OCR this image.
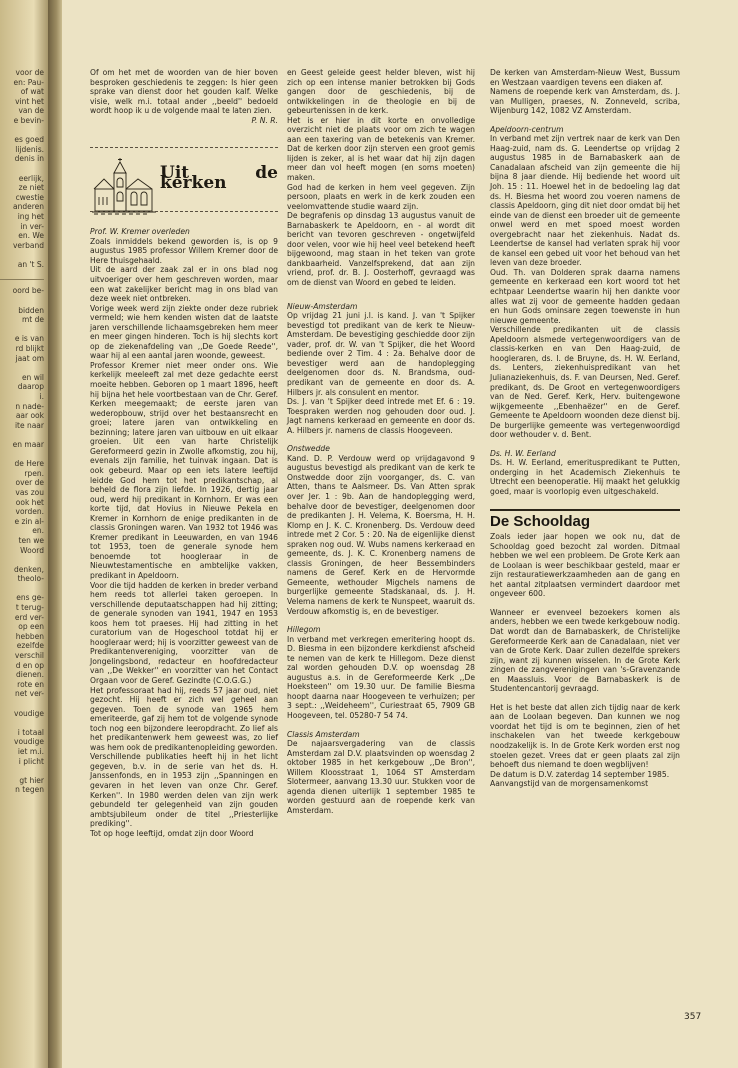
voor de
en: Pau-
of wat
vint het
van de
e bevin-

es goed
lijdenis.
denis in

eerlijk,
ze niet
cwestie
anderen
ing het
in ver-
en. We
verband

an 't S.
oord be-

bidden
mt de

e is van
rd blijkt
jaat om

en wil
daarop
i.
n nade-
aar ook
ite naar

en maar

de Here
rpen.
over de
vas zou
ook het
vorden.
e zin al-
en.
ten we
Woord

denken,
theolo-

ens ge-
t terug-
erd ver-
op een
hebben
ezelfde
verschil
d en op
dienen.
rote en
net ver-

voudige

i totaal
voudige
iet m.i.
i plicht

gt hier
n tegen

Of om het met de woorden van de hier boven besproken geschiedenis te zeggen: Is hier geen sprake van dienst door het gouden kalf. Welke visie, welk m.i. totaal ander ,,beeld'' bedoeld wordt hoop ik u de volgende maal te laten zien.

P. N. R.

Uit de kerken

Prof. W. Kremer overleden

Zoals inmiddels bekend geworden is, is op 9 augustus 1985 professor Willem Kremer door de Here thuisgehaald.

Uit de aard der zaak zal er in ons blad nog uitvoeriger over hem geschreven worden, maar een wat zakelijker bericht mag in ons blad van deze week niet ontbreken.

Vorige week werd zijn ziekte onder deze rubriek vermeld; wie hem kenden wisten dat de laatste jaren verschillende lichaamsgebreken hem meer en meer gingen hinderen. Toch is hij slechts kort op de ziekenafdeling van ,,De Goede Reede'', waar hij al een aantal jaren woonde, geweest.

Professor Kremer niet meer onder ons. Wie kerkelijk meeleeft zal met deze gedachte eerst moeite hebben. Geboren op 1 maart 1896, heeft hij bijna het hele voortbestaan van de Chr. Geref. Kerken meegemaakt; de eerste jaren van wederopbouw, strijd over het bestaansrecht en groei; latere jaren van ontwikkeling en bezinning; latere jaren van uitbouw en uit elkaar groeien. Uit een van harte Christelijk Gereformeerd gezin in Zwolle afkomstig, zou hij, evenals zijn familie, het tuinvak ingaan. Dat is ook gebeurd. Maar op een iets latere leeftijd leidde God hem tot het predikantschap, al beheld de flora zijn liefde. In 1926, dertig jaar oud, werd hij predikant in Kornhorn. Er was een korte tijd, dat Hovius in Nieuwe Pekela en Kremer in Kornhorn de enige predikanten in de classis Groningen waren. Van 1932 tot 1946 was Kremer predikant in Leeuwarden, en van 1946 tot 1953, toen de generale synode hem benoemde tot hoogleraar in de Nieuwtestamentische en ambtelijke vakken, predikant in Apeldoorn.

Voor die tijd hadden de kerken in breder verband hem reeds tot allerlei taken geroepen. In verschillende deputaatschappen had hij zitting; de generale synoden van 1941, 1947 en 1953 koos hem tot praeses. Hij had zitting in het curatorium van de Hogeschool totdat hij er hoogleraar werd; hij is voorzitter geweest van de Predikantenvereniging, voorzitter van de Jongelingsbond, redacteur en hoofdredacteur van ,,De Wekker'' en voorzitter van het Contact Orgaan voor de Geref. Gezindte (C.O.G.G.)

Het professoraat had hij, reeds 57 jaar oud, niet gezocht. Hij heeft er zich wel geheel aan gegeven. Toen de synode van 1965 hem emeriteerde, gaf zij hem tot de volgende synode toch nog een bijzondere leeropdracht. Zo lief als het predikantenwerk hem geweest was, zo lief was hem ook de predikantenopleiding geworden.

Verschillende publikaties heeft hij in het licht gegeven, b.v. in de serie van het ds. H. Janssenfonds, en in 1953 zijn ,,Spanningen en gevaren in het leven van onze Chr. Geref. Kerken''. In 1980 werden delen van zijn werk gebundeld ter gelegenheid van zijn gouden ambtsjubileum onder de titel ,,Priesterlijke prediking''.

Tot op hoge leeftijd, omdat zijn door Woord

en Geest geleide geest helder bleven, wist hij zich op een intense manier betrokken bij Gods gangen door de geschiedenis, bij de ontwikkelingen in de theologie en bij de gebeurtenissen in de kerk.

Het is er hier in dit korte en onvolledige overzicht niet de plaats voor om zich te wagen aan een taxering van de betekenis van Kremer. Dat de kerken door zijn sterven een groot gemis lijden is zeker, al is het waar dat hij zijn dagen meer dan vol heeft mogen (en soms moeten) maken.

God had de kerken in hem veel gegeven. Zijn persoon, plaats en werk in de kerk zouden een veelomvattende studie waard zijn.

De begrafenis op dinsdag 13 augustus vanuit de Barnabaskerk te Apeldoorn, en - al wordt dit bericht van tevoren geschreven - ongetwijfeld door velen, voor wie hij heel veel betekend heeft bijgewoond, mag staan in het teken van grote dankbaarheid. Vanzelfsprekend, dat aan zijn vriend, prof. dr. B. J. Oosterhoff, gevraagd was om de dienst van Woord en gebed te leiden.

Nieuw-Amsterdam

Op vrijdag 21 juni j.l. is kand. J. van 't Spijker bevestigd tot predikant van de kerk te Nieuw-Amsterdam. De bevestiging geschiedde door zijn vader, prof. dr. W. van 't Spijker, die het Woord bediende over 2 Tim. 4 : 2a. Behalve door de bevestiger werd aan de handoplegging deelgenomen door ds. N. Brandsma, oud-predikant van de gemeente en door ds. A. Hilbers jr. als consulent en mentor.

Ds. J. van 't Spijker deed intrede met Ef. 6 : 19. Toespraken werden nog gehouden door oud. J. Jagt namens kerkeraad en gemeente en door ds. A. Hilbers jr. namens de classis Hoogeveen.

Onstwedde

Kand. D. P. Verdouw werd op vrijdagavond 9 augustus bevestigd als predikant van de kerk te Onstwedde door zijn voorganger, ds. C. van Atten, thans te Aalsmeer. Ds. Van Atten sprak over Jer. 1 : 9b. Aan de handoplegging werd, behalve door de bevestiger, deelgenomen door de predikanten J. H. Velema, K. Boersma, H. H. Klomp en J. K. C. Kronenberg. Ds. Verdouw deed intrede met 2 Cor. 5 : 20. Na de eigenlijke dienst spraken nog oud. W. Wubs namens kerkeraad en gemeente, ds. J. K. C. Kronenberg namens de classis Groningen, de heer Bessembinders namens de Geref. Kerk en de Hervormde Gemeente, wethouder Migchels namens de burgerlijke gemeente Stadskanaal, ds. J. H. Velema namens de kerk te Nunspeet, waaruit ds. Verdouw afkomstig is, en de bevestiger.

Hillegom

In verband met verkregen emeritering hoopt ds. D. Biesma in een bijzondere kerkdienst afscheid te nemen van de kerk te Hillegom. Deze dienst zal worden gehouden D.V. op woensdag 28 augustus a.s. in de Gereformeerde Kerk ,,De Hoeksteen'' om 19.30 uur. De familie Biesma hoopt daarna naar Hoogeveen te verhuizen; per 3 sept.: ,,Weideheem'', Curiestraat 65, 7909 GB Hoogeveen, tel. 05280-7 54 74.

Classis Amsterdam

De najaarsvergadering van de classis Amsterdam zal D.V. plaatsvinden op woensdag 2 oktober 1985 in het kerkgebouw ,,De Bron'', Willem Kloosstraat 1, 1064 ST Amsterdam Slotermeer, aanvang 13.30 uur. Stukken voor de agenda dienen uiterlijk 1 september 1985 te worden gestuurd aan de roepende kerk van Amsterdam.

De kerken van Amsterdam-Nieuw West, Bussum en Westzaan vaardigen tevens een diaken af.

Namens de roepende kerk van Amsterdam, ds. J. van Mulligen, praeses, N. Zonneveld, scriba, Wijenburg 142, 1082 VZ Amsterdam.

Apeldoorn-centrum

In verband met zijn vertrek naar de kerk van Den Haag-zuid, nam ds. G. Leendertse op vrijdag 2 augustus 1985 in de Barnabaskerk aan de Canadalaan afscheid van zijn gemeente die hij bijna 8 jaar diende. Hij bediende het woord uit Joh. 15 : 11. Hoewel het in de bedoeling lag dat ds. H. Biesma het woord zou voeren namens de classis Apeldoorn, ging dit niet door omdat bij het einde van de dienst een broeder uit de gemeente onwel werd en met spoed moest worden overgebracht naar het ziekenhuis. Nadat ds. Leendertse de kansel had verlaten sprak hij voor de kansel een gebed uit voor het behoud van het leven van deze broeder.

Oud. Th. van Dolderen sprak daarna namens gemeente en kerkeraad een kort woord tot het echtpaar Leendertse waarin hij hen dankte voor alles wat zij voor de gemeente hadden gedaan en hun Gods ominsare zegen toewenste in hun nieuwe gemeente.

Verschillende predikanten uit de classis Apeldoorn alsmede vertegenwoordigers van de classis-kerken en van Den Haag-zuid, de hoogleraren, ds. I. de Bruyne, ds. H. W. Eerland, ds. Lenters, ziekenhuispredikant van het Julianaziekenhuis, ds. F. van Deursen, Ned. Geref. predikant, ds. De Groot en vertegenwoordigers van de Ned. Geref. Kerk, Herv. buitengewone wijkgemeente ,,Ebenhaëzer'' en de Geref. Gemeente te Apeldoorn woonden deze dienst bij. De burgerlijke gemeente was vertegenwoordigd door wethouder v. d. Bent.

Ds. H. W. Eerland

Ds. H. W. Eerland, emerituspredikant te Putten, onderging in het Academisch Ziekenhuis te Utrecht een beenoperatie. Hij maakt het gelukkig goed, maar is voorlopig even uitgeschakeld.

De Schooldag

Zoals ieder jaar hopen we ook nu, dat de Schooldag goed bezocht zal worden. Ditmaal hebben we wel een probleem. De Grote Kerk aan de Loolaan is weer beschikbaar gesteld, maar er zijn restauratiewerkzaamheden aan de gang en het aantal zitplaatsen vermindert daardoor met ongeveer 600.

Wanneer er evenveel bezoekers komen als anders, hebben we een twede kerkgebouw nodig. Dat wordt dan de Barnabaskerk, de Christelijke Gereformeerde Kerk aan de Canadalaan, niet ver van de Grote Kerk. Daar zullen dezelfde sprekers zijn, want zij kunnen wisselen. In de Grote Kerk zingen de zangverenigingen van 's-Gravenzande en Maassluis. Voor de Barnabaskerk is de Studentencantorij gevraagd.

Het is het beste dat allen zich tijdig naar de kerk aan de Loolaan begeven. Dan kunnen we nog voordat het tijd is om te beginnen, zien of het inschakelen van het tweede kerkgebouw noodzakelijk is. In de Grote Kerk worden erst nog stoelen gezet. Vrees dat er geen plaats zal zijn behoeft dus niemand te doen wegblijven!

De datum is D.V. zaterdag 14 september 1985.

Aanvangstijd van de morgensamenkomst

357
